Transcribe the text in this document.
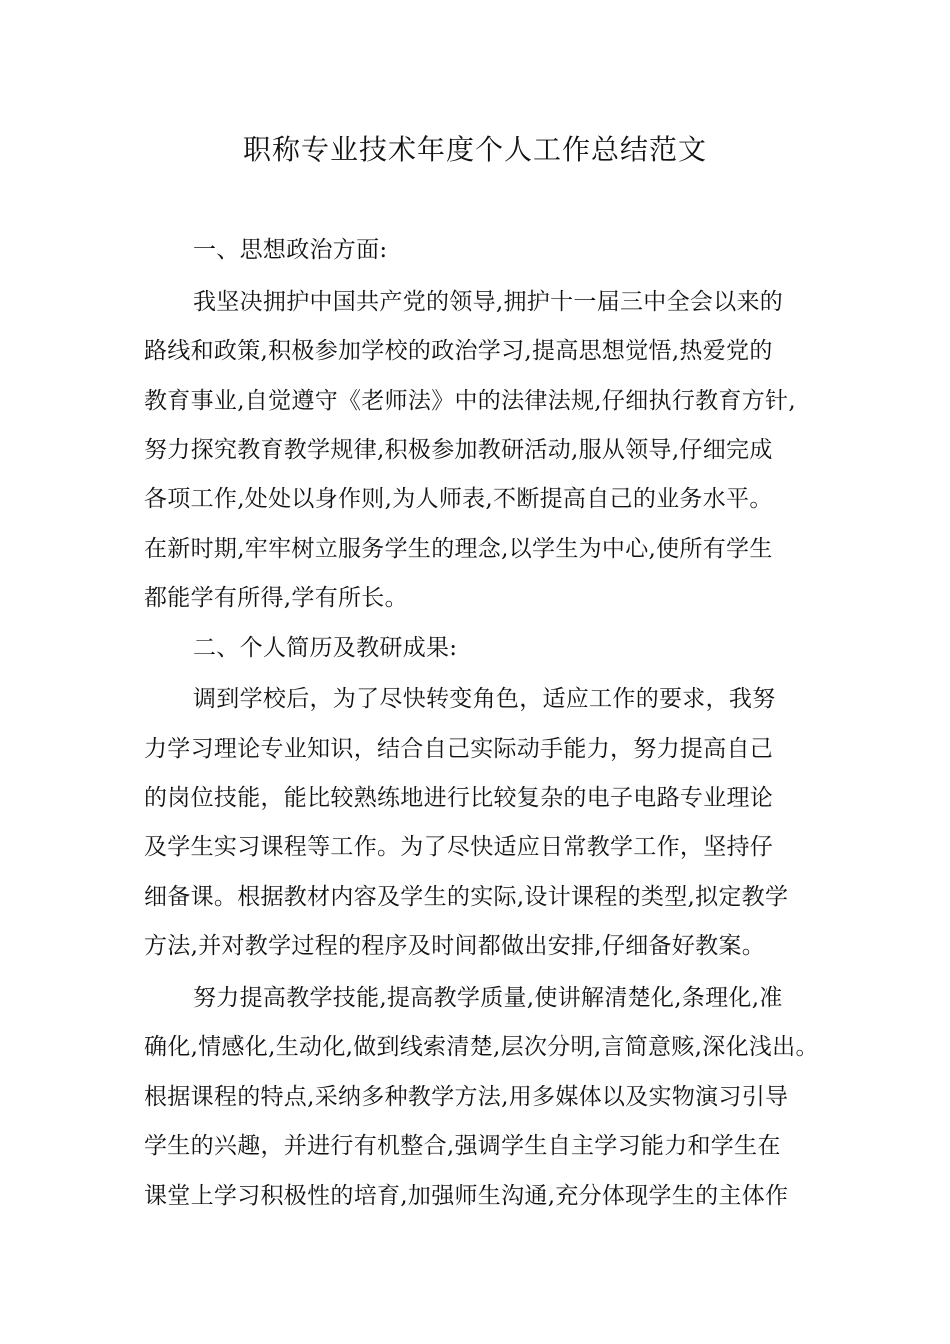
职称专业技术年度个人工作总结范文
一、思想政治方面:
我坚决拥护中国共产党的领导,拥护十一届三中全会以来的
路线和政策,积极参加学校的政治学习,提高思想觉悟,热爱党的
教育事业,自觉遵守《老师法》中的法律法规,仔细执行教育方针,
努力探究教育教学规律,积极参加教研活动,服从领导,仔细完成
各项工作,处处以身作则,为人师表,不断提高自己的业务水平。
在新时期,牢牢树立服务学生的理念,以学生为中心,使所有学生
都能学有所得,学有所长。
二、个人简历及教研成果:
调到学校后，为了尽快转变角色，适应工作的要求，我努
力学习理论专业知识，结合自己实际动手能力，努力提高自己
的岗位技能，能比较熟练地进行比较复杂的电子电路专业理论
及学生实习课程等工作。为了尽快适应日常教学工作，坚持仔
细备课。根据教材内容及学生的实际,设计课程的类型,拟定教学
方法,并对教学过程的程序及时间都做出安排,仔细备好教案。
努力提高教学技能,提高教学质量,使讲解清楚化,条理化,准
确化,情感化,生动化,做到线索清楚,层次分明,言简意赅,深化浅出。
根据课程的特点,采纳多种教学方法,用多媒体以及实物演习引导
学生的兴趣，并进行有机整合,强调学生自主学习能力和学生在
课堂上学习积极性的培育,加强师生沟通,充分体现学生的主体作
